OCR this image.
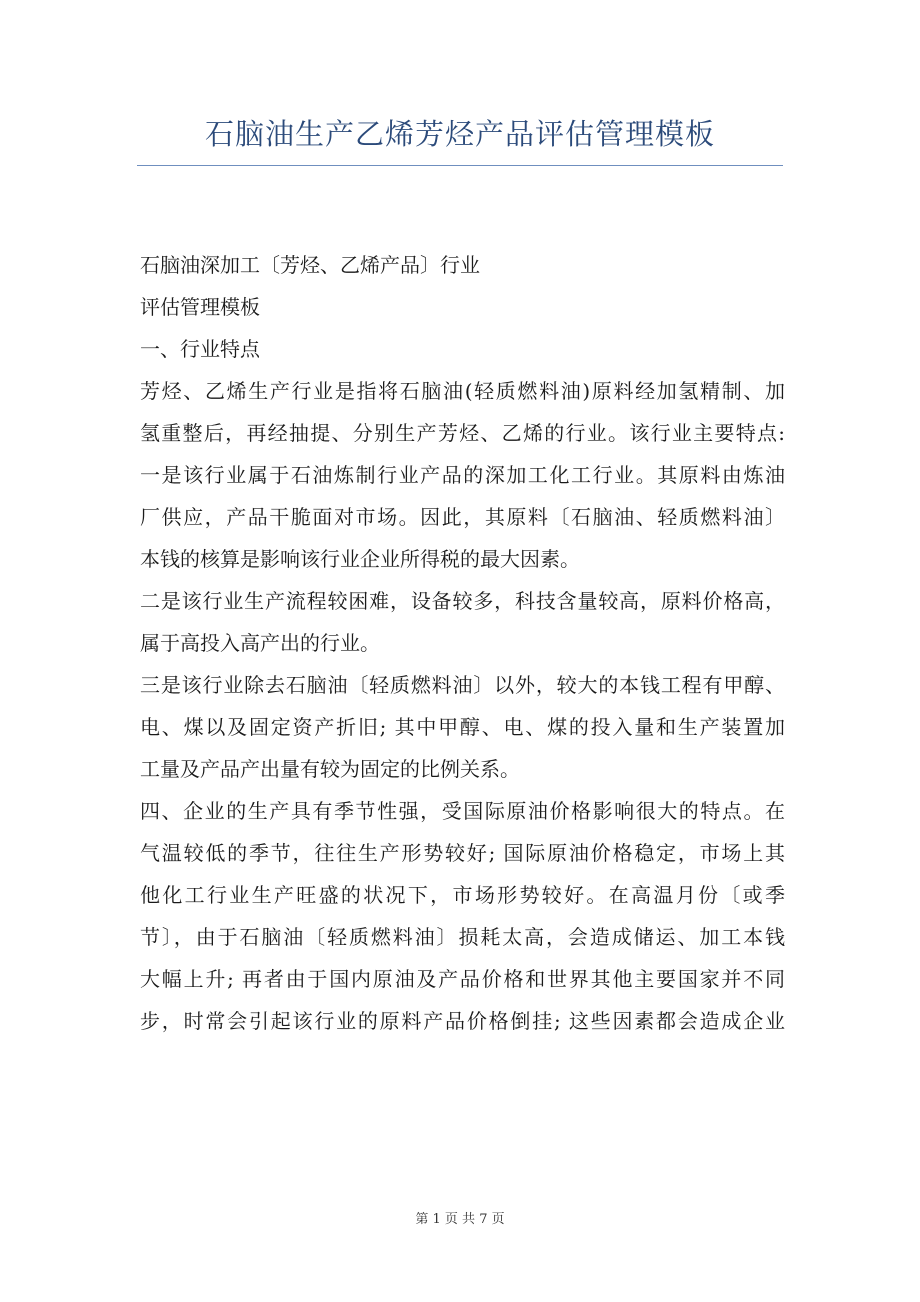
石脑油生产乙烯芳烃产品评估管理模板
石脑油深加工〔芳烃、乙烯产品〕行业
评估管理模板
一、行业特点
芳烃、乙烯生产行业是指将石脑油(轻质燃料油)原料经加氢精制、加
氢重整后，再经抽提、分别生产芳烃、乙烯的行业。该行业主要特点:
一是该行业属于石油炼制行业产品的深加工化工行业。其原料由炼油
厂供应，产品干脆面对市场。因此，其原料〔石脑油、轻质燃料油〕
本钱的核算是影响该行业企业所得税的最大因素。
二是该行业生产流程较困难，设备较多，科技含量较高，原料价格高，
属于高投入高产出的行业。
三是该行业除去石脑油〔轻质燃料油〕以外，较大的本钱工程有甲醇、
电、煤以及固定资产折旧; 其中甲醇、电、煤的投入量和生产装置加
工量及产品产出量有较为固定的比例关系。
四、企业的生产具有季节性强，受国际原油价格影响很大的特点。在
气温较低的季节，往往生产形势较好; 国际原油价格稳定，市场上其
他化工行业生产旺盛的状况下，市场形势较好。在高温月份〔或季
节〕，由于石脑油〔轻质燃料油〕损耗太高，会造成储运、加工本钱
大幅上升; 再者由于国内原油及产品价格和世界其他主要国家并不同
步，时常会引起该行业的原料产品价格倒挂; 这些因素都会造成企业
第 1 页 共 7 页
